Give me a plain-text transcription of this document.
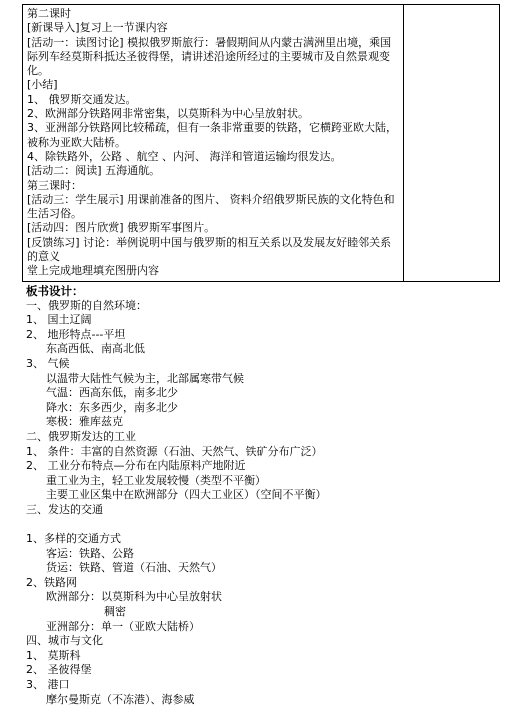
第二课时

[新课导入]复习上一节课内容

[活动一：读图讨论] 模拟俄罗斯旅行：暑假期间从内蒙古满洲里出境，乘国际列车经莫斯科抵达圣彼得堡，请讲述沿途所经过的主要城市及自然景观变化。

[小结]

1、 俄罗斯交通发达。

2、欧洲部分铁路网非常密集，以莫斯科为中心呈放射状。

3、亚洲部分铁路网比较稀疏，但有一条非常重要的铁路，它横跨亚欧大陆，被称为亚欧大陆桥。

4、除铁路外，公路 、航空 、内河、 海洋和管道运输均很发达。

[活动二：阅读] 五海通航。

第三课时：

[活动三：学生展示] 用课前准备的图片、 资料介绍俄罗斯民族的文化特色和生活习俗。

[活动四：图片欣赏] 俄罗斯军事图片。

[反馈练习] 讨论：举例说明中国与俄罗斯的相互关系以及发展友好睦邻关系的意义

堂上完成地理填充图册内容

板书设计：

一、俄罗斯的自然环境：

1、 国土辽阔

2、 地形特点---平坦

东高西低、南高北低

3、 气候

以温带大陆性气候为主，北部属寒带气候

气温：西高东低，南多北少

降水：东多西少，南多北少

寒极：雅库兹克

二、俄罗斯发达的工业

1、 条件：丰富的自然资源（石油、天然气、铁矿分布广泛）

2、 工业分布特点—分布在内陆原料产地附近

重工业为主，轻工业发展较慢（类型不平衡）

主要工业区集中在欧洲部分（四大工业区）（空间不平衡）

三、发达的交通

1、多样的交通方式

客运：铁路、公路

货运：铁路、管道（石油、天然气）

2、铁路网

欧洲部分：以莫斯科为中心呈放射状

稠密

亚洲部分：单一（亚欧大陆桥）

四、城市与文化

1、 莫斯科

2、 圣彼得堡

3、 港口

摩尔曼斯克（不冻港）、海参威
